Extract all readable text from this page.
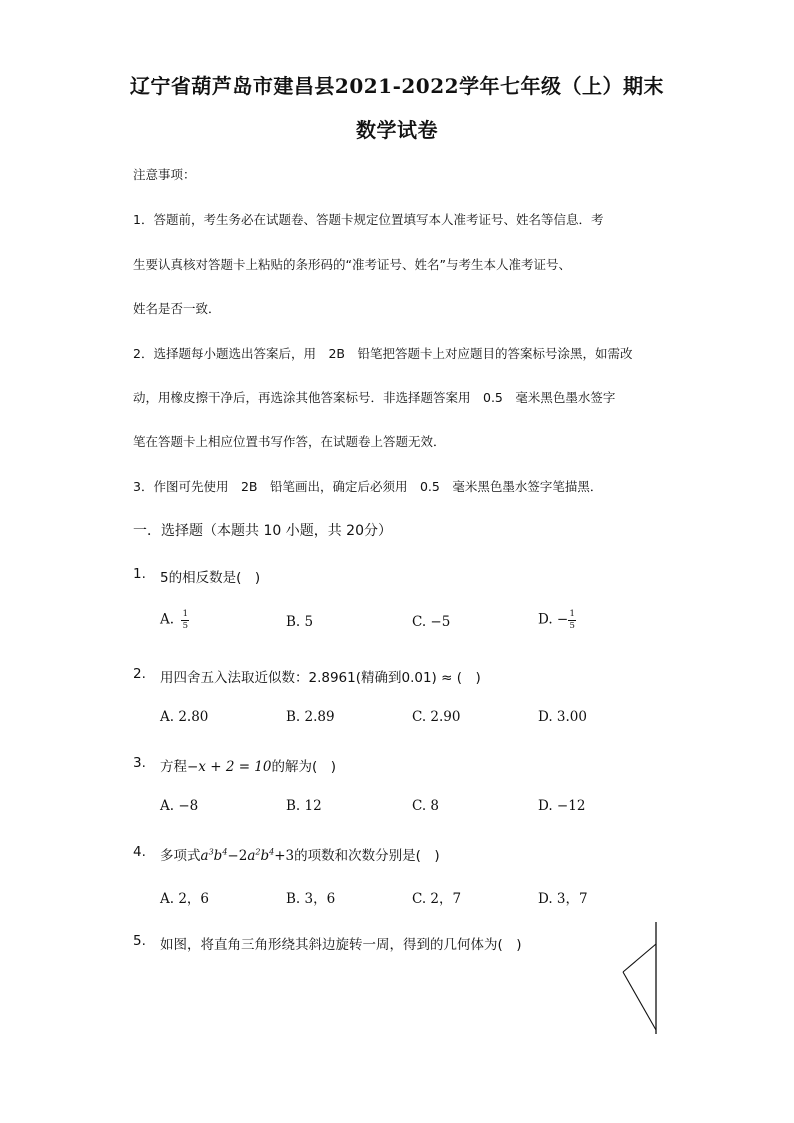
辽宁省葫芦岛市建昌县2021-2022学年七年级（上）期末
数学试卷
注意事项：
1．答题前，考生务必在试题卷、答题卡规定位置填写本人准考证号、姓名等信息．考
生要认真核对答题卡上粘贴的条形码的“准考证号、姓名”与考生本人准考证号、
姓名是否一致．
2．选择题每小题选出答案后，用　2B　铅笔把答题卡上对应题目的答案标号涂黑，如需改
动，用橡皮擦干净后，再选涂其他答案标号．非选择题答案用　0.5　毫米黑色墨水签字
笔在答题卡上相应位置书写作答，在试题卷上答题无效．
3．作图可先使用　2B　铅笔画出，确定后必须用　0.5　毫米黑色墨水签字笔描黑．
一．选择题（本题共 10 小题，共 20分）
1. 5的相反数是(　)
A. $\frac{1}{5}$	B. 5	C. −5	D. − $\frac{1}{5}$
2. 用四舍五入法取近似数：2.8961(精确到0.01) ≈ (　)
A. 2.80	B. 2.89	C. 2.90	D. 3.00
3. 方程−x + 2 = 10的解为(　)
A. −8	B. 12	C. 8	D. −12
4. 多项式$a^3b^4-2a^2b^4+3$的项数和次数分别是(　)
A. 2，6	B. 3，6	C. 2，7	D. 3，7
5. 如图，将直角三角形绕其斜边旋转一周，得到的几何体为(　)
